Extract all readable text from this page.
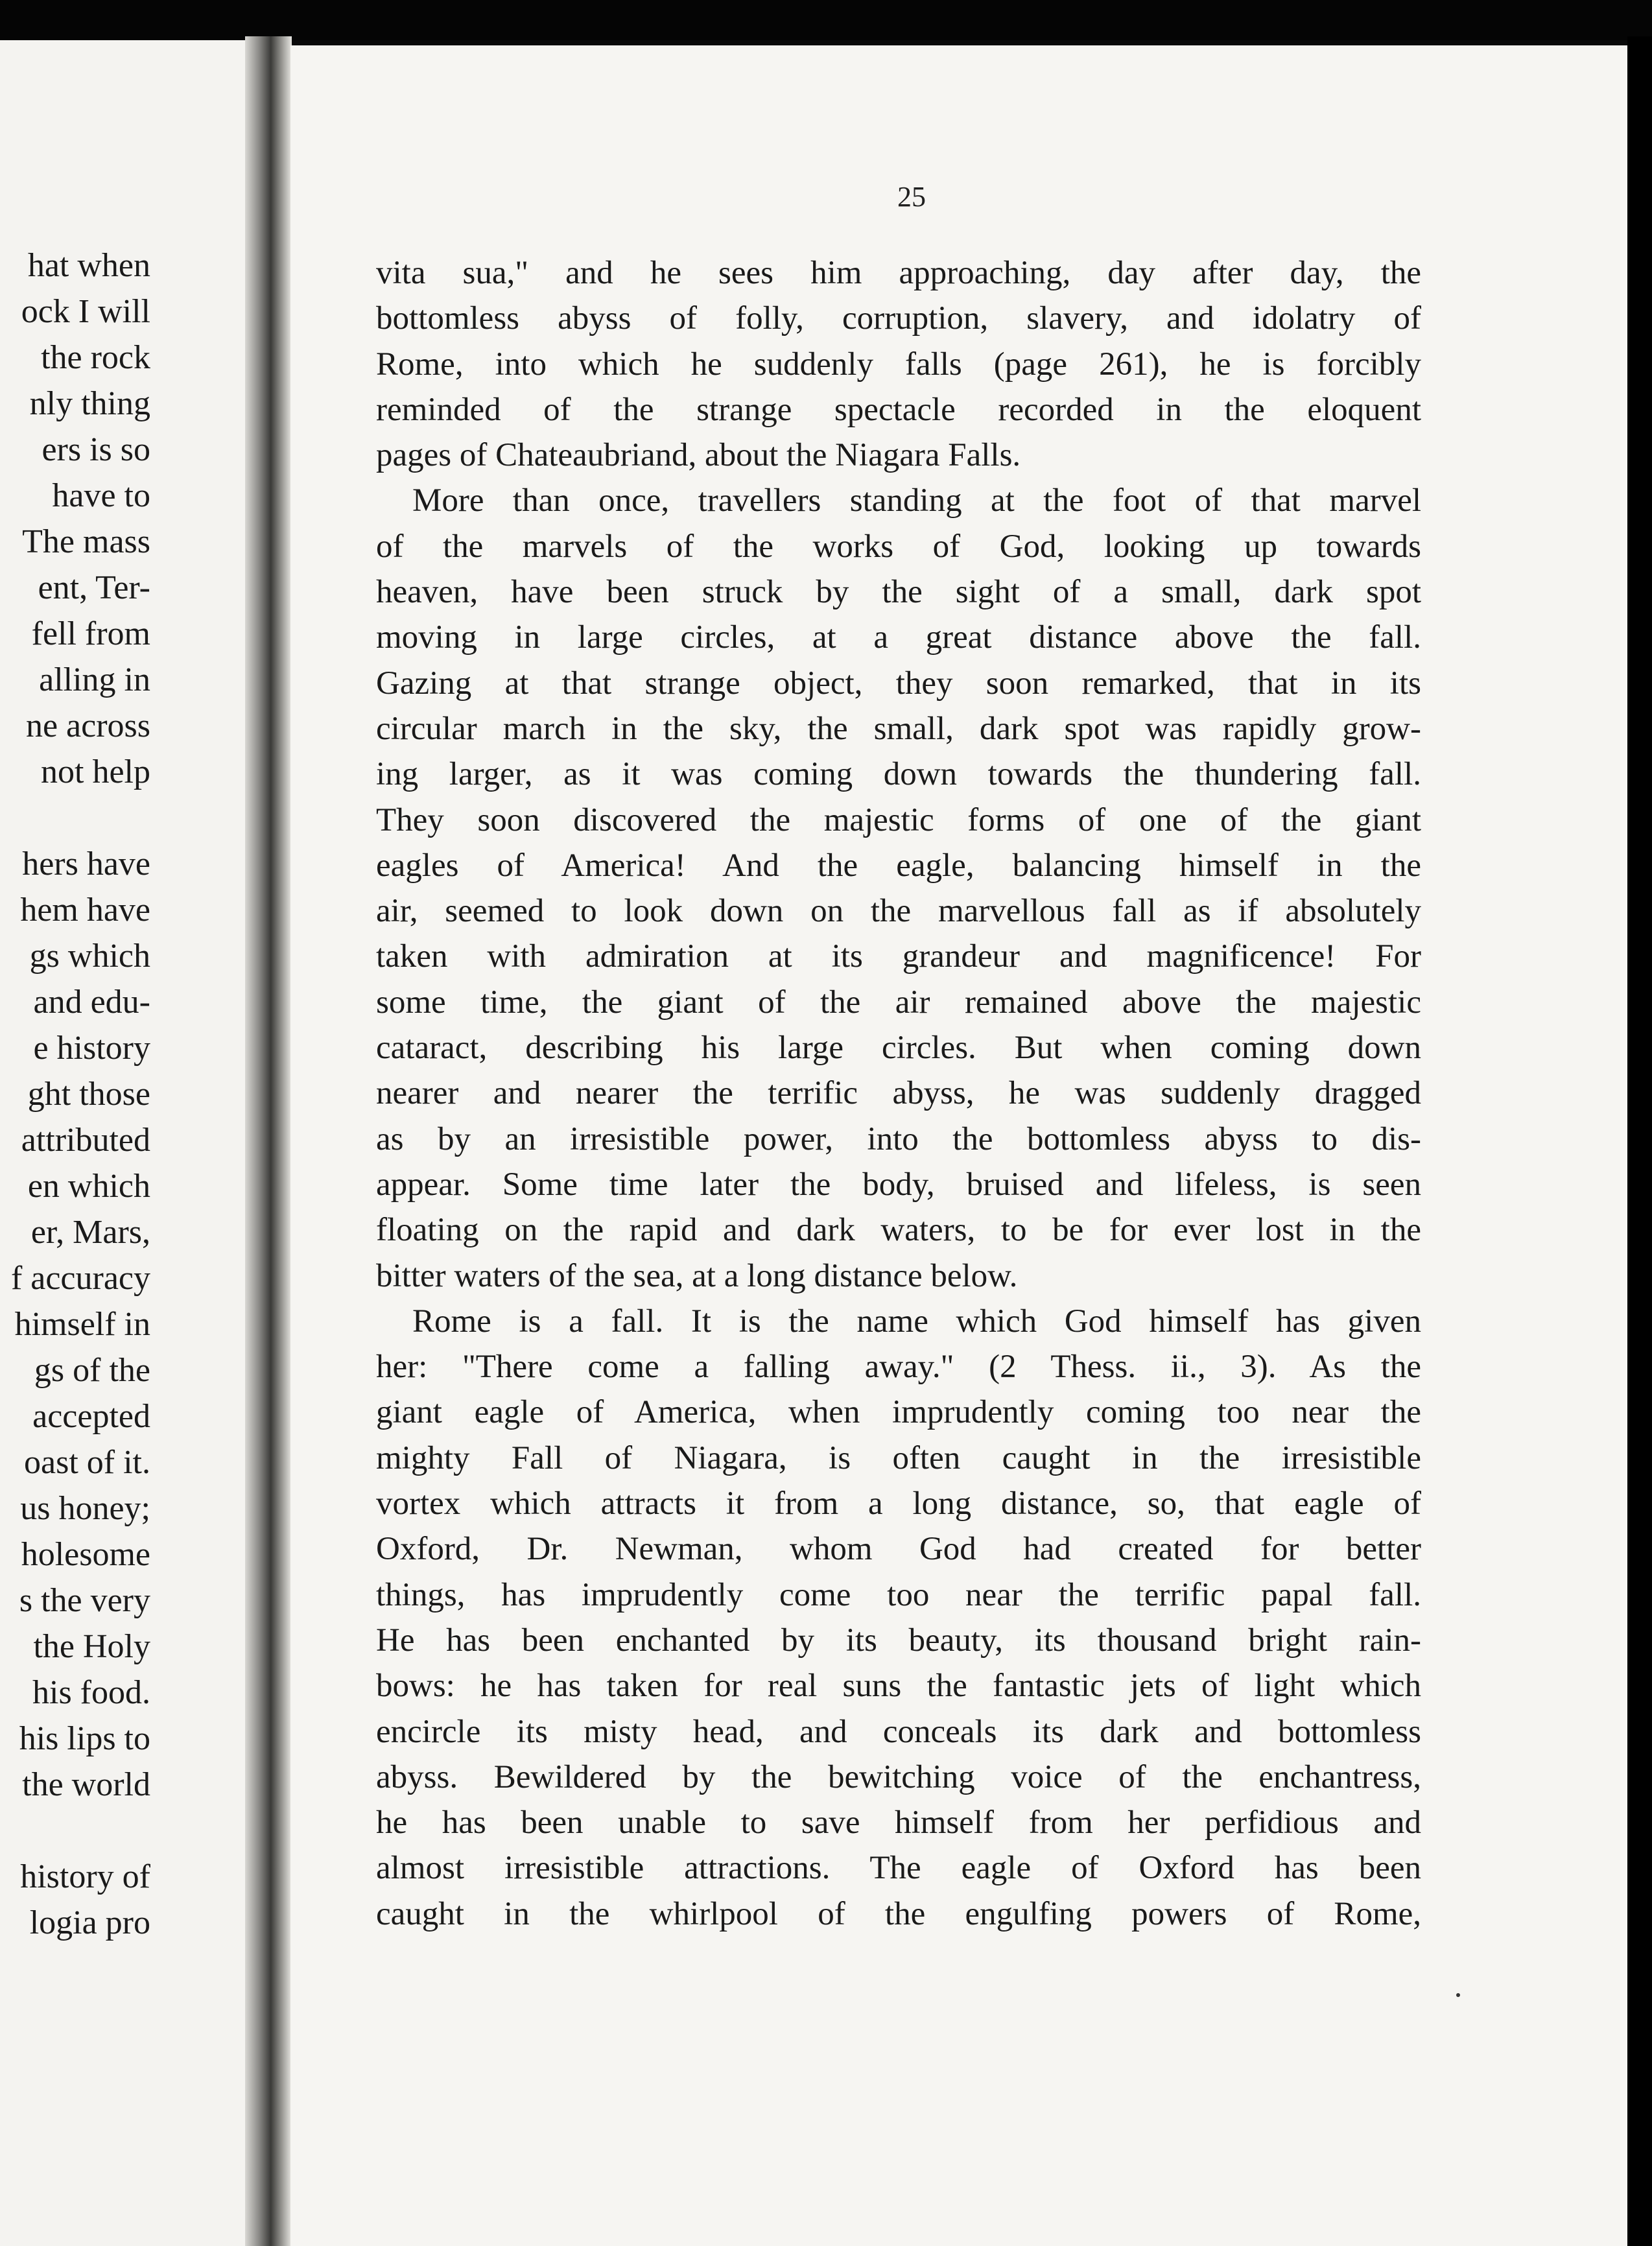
hat when
ock I will
the rock
nly thing
ers is so
have to
The mass
ent, Ter-
fell from
alling in
ne across
not help
hers have
hem have
gs which
and edu-
e history
ght those
attributed
en which
er, Mars,
f accuracy
himself in
gs of the
accepted
oast of it.
us honey;
holesome
s the very
the Holy
his food.
his lips to
the world
history of
logia pro
25
vita sua," and he sees him approaching, day after day, the
bottomless abyss of folly, corruption, slavery, and idolatry of
Rome, into which he suddenly falls (page 261), he is forcibly
reminded of the strange spectacle recorded in the eloquent
pages of Chateaubriand, about the Niagara Falls.
More than once, travellers standing at the foot of that marvel
of the marvels of the works of God, looking up towards
heaven, have been struck by the sight of a small, dark spot
moving in large circles, at a great distance above the fall.
Gazing at that strange object, they soon remarked, that in its
circular march in the sky, the small, dark spot was rapidly grow-
ing larger, as it was coming down towards the thundering fall.
They soon discovered the majestic forms of one of the giant
eagles of America! And the eagle, balancing himself in the
air, seemed to look down on the marvellous fall as if absolutely
taken with admiration at its grandeur and magnificence! For
some time, the giant of the air remained above the majestic
cataract, describing his large circles. But when coming down
nearer and nearer the terrific abyss, he was suddenly dragged
as by an irresistible power, into the bottomless abyss to dis-
appear. Some time later the body, bruised and lifeless, is seen
floating on the rapid and dark waters, to be for ever lost in the
bitter waters of the sea, at a long distance below.
Rome is a fall. It is the name which God himself has given
her: "There come a falling away." (2 Thess. ii., 3). As the
giant eagle of America, when imprudently coming too near the
mighty Fall of Niagara, is often caught in the irresistible
vortex which attracts it from a long distance, so, that eagle of
Oxford, Dr. Newman, whom God had created for better
things, has imprudently come too near the terrific papal fall.
He has been enchanted by its beauty, its thousand bright rain-
bows: he has taken for real suns the fantastic jets of light which
encircle its misty head, and conceals its dark and bottomless
abyss. Bewildered by the bewitching voice of the enchantress,
he has been unable to save himself from her perfidious and
almost irresistible attractions. The eagle of Oxford has been
caught in the whirlpool of the engulfing powers of Rome,
